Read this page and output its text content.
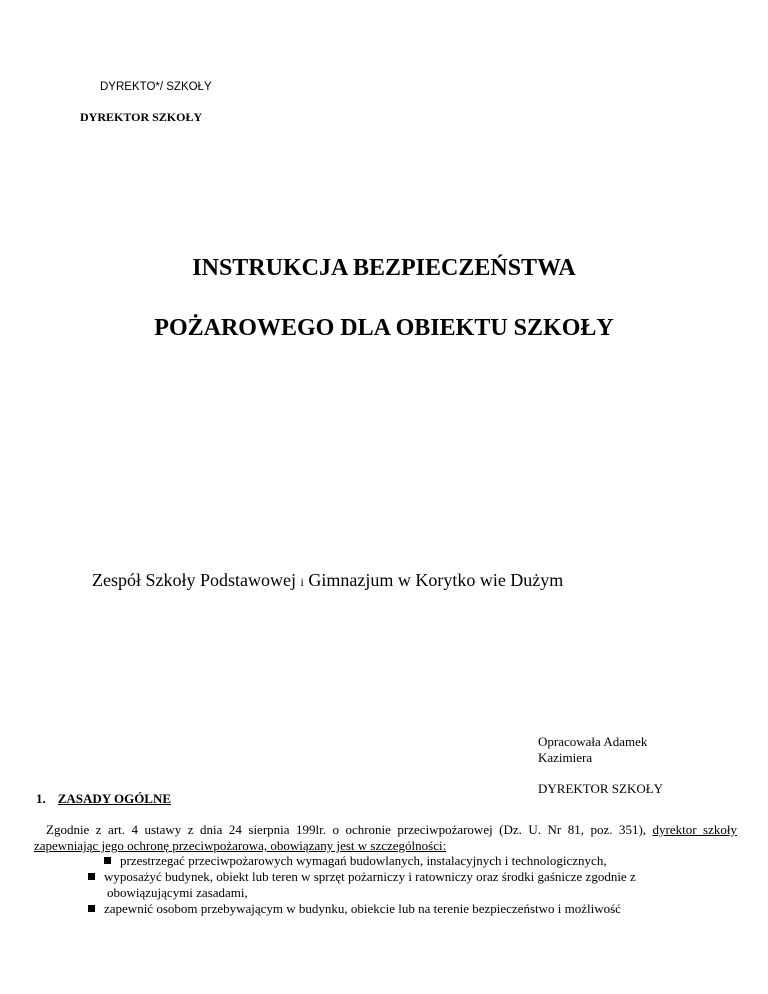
DYREKTO*/ SZKOŁY
DYREKTOR SZKOŁY
INSTRUKCJA BEZPIECZEŃSTWA
POŻAROWEGO DLA OBIEKTU SZKOŁY
Zespół Szkoły Podstawowej i Gimnazjum w Korytko wie Dużym
Opracowała Adamek
Kazimiera
DYREKTOR SZKOŁY
1. ZASADY OGÓLNE
Zgodnie z art. 4 ustawy z dnia 24 sierpnia 199lr. o ochronie przeciwpożarowej (Dz. U. Nr 81, poz. 351), dyrektor szkoły zapewniając jego ochronę przeciwpożarowa, obowiązany jest w szczególności:
przestrzegać przeciwpożarowych wymagań budowlanych, instalacyjnych i technologicznych,
wyposażyć budynek, obiekt lub teren w sprzęt pożarniczy i ratowniczy oraz środki gaśnicze zgodnie z
obowiązującymi zasadami,
zapewnić osobom przebywającym w budynku, obiekcie lub na terenie bezpieczeństwo i możliwość
